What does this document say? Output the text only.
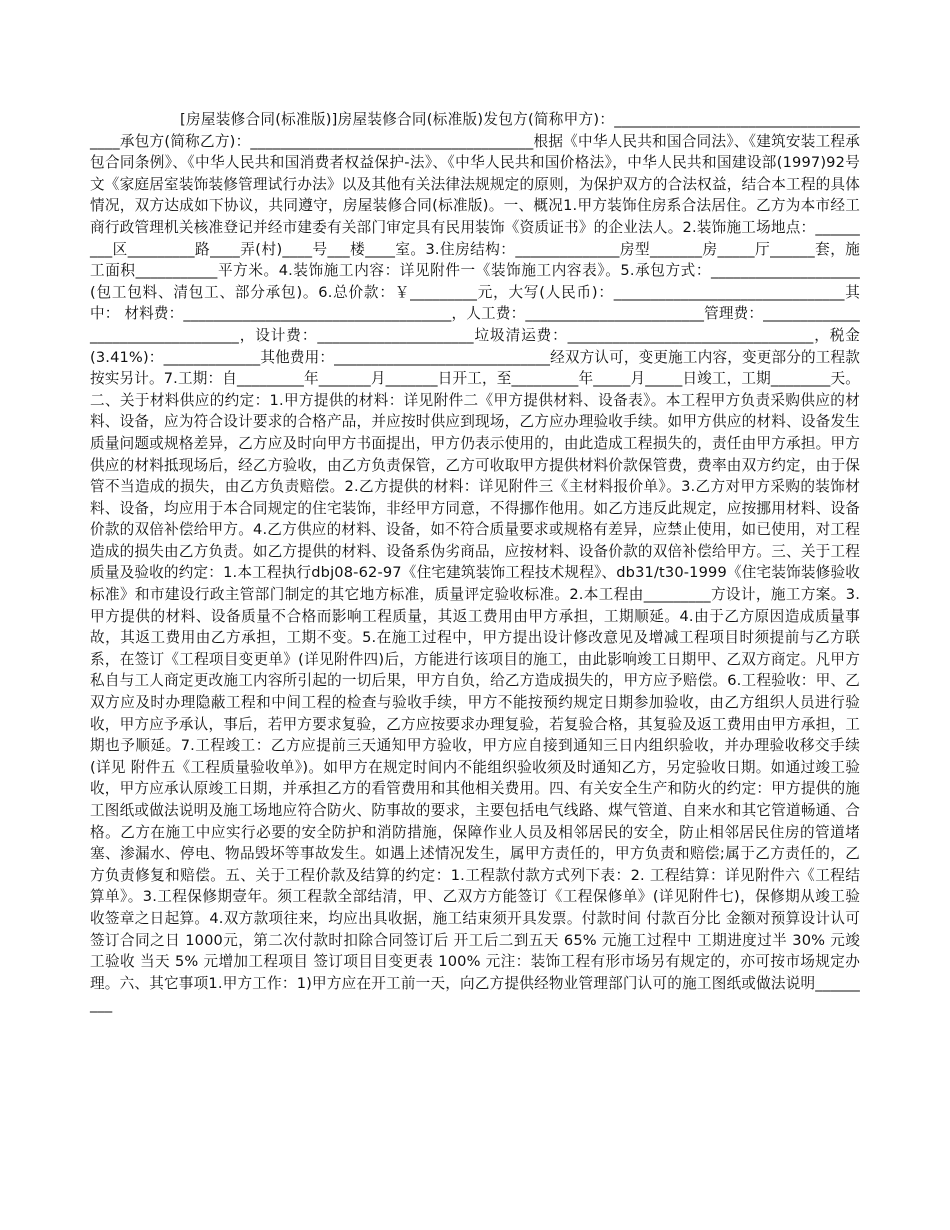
[房屋装修合同(标准版)]房屋装修合同(标准版)发包方(简称甲方)：_____________________________________承包方(简称乙方)：______________________________________根据《中华人民共和国合同法》、《建筑安装工程承包合同条例》、《中华人民共和国消费者权益保护-法》、《中华人民共和国价格法》，中华人民共和国建设部(1997)92号文《家庭居室装饰装修管理试行办法》以及其他有关法律法规规定的原则，为保护双方的合法权益，结合本工程的具体情况，双方达成如下协议，共同遵守，房屋装修合同(标准版)。一、概况1.甲方装饰住房系合法居住。乙方为本市经工商行政管理机关核准登记并经市建委有关部门审定具有民用装饰《资质证书》的企业法人。2.装饰施工场地点：_________区_________路____弄(村)____号___楼____室。3.住房结构：______________房型_______房_____厅______套，施工面积___________平方米。4.装饰施工内容：详见附件一《装饰施工内容表》。5.承包方式：____________________(包工包料、清包工、部分承包)。6.总价款：￥_________元，大写(人民币)：_______________________________其中： 材料费：____________________________________，人工费：________________________管理费：_________________________________，设计费：_____________________垃圾清运费：_________________________________，税金(3.41%)：_____________其他费用：_____________________________经双方认可，变更施工内容，变更部分的工程款按实另计。7.工期：自_________年_______月_______日开工，至_________年_____月_____日竣工，工期________天。二、关于材料供应的约定：1.甲方提供的材料：详见附件二《甲方提供材料、设备表》。本工程甲方负责采购供应的材料、设备，应为符合设计要求的合格产品，并应按时供应到现场，乙方应办理验收手续。如甲方供应的材料、设备发生质量问题或规格差异，乙方应及时向甲方书面提出，甲方仍表示使用的，由此造成工程损失的，责任由甲方承担。甲方供应的材料抵现场后，经乙方验收，由乙方负责保管，乙方可收取甲方提供材料价款保管费，费率由双方约定，由于保管不当造成的损失，由乙方负责赔偿。2.乙方提供的材料：详见附件三《主材料报价单》。3.乙方对甲方采购的装饰材料、设备，均应用于本合同规定的住宅装饰，非经甲方同意，不得挪作他用。如乙方违反此规定，应按挪用材料、设备价款的双倍补偿给甲方。4.乙方供应的材料、设备，如不符合质量要求或规格有差异，应禁止使用，如已使用，对工程造成的损失由乙方负责。如乙方提供的材料、设备系伪劣商品，应按材料、设备价款的双倍补偿给甲方。三、关于工程质量及验收的约定：1.本工程执行dbj08-62-97《住宅建筑装饰工程技术规程》、db31/t30-1999《住宅装饰装修验收标准》和市建设行政主管部门制定的其它地方标准，质量评定验收标准。2.本工程由_________方设计，施工方案。3.甲方提供的材料、设备质量不合格而影响工程质量，其返工费用由甲方承担，工期顺延。4.由于乙方原因造成质量事故，其返工费用由乙方承担，工期不变。5.在施工过程中，甲方提出设计修改意见及增减工程项目时须提前与乙方联系，在签订《工程项目变更单》(详见附件四)后，方能进行该项目的施工，由此影响竣工日期甲、乙双方商定。凡甲方私自与工人商定更改施工内容所引起的一切后果，甲方自负，给乙方造成损失的，甲方应予赔偿。6.工程验收：甲、乙双方应及时办理隐蔽工程和中间工程的检查与验收手续，甲方不能按预约规定日期参加验收，由乙方组织人员进行验收，甲方应予承认，事后，若甲方要求复验，乙方应按要求办理复验，若复验合格，其复验及返工费用由甲方承担，工期也予顺延。7.工程竣工：乙方应提前三天通知甲方验收，甲方应自接到通知三日内组织验收，并办理验收移交手续(详见 附件五《工程质量验收单》)。如甲方在规定时间内不能组织验收须及时通知乙方，另定验收日期。如通过竣工验收，甲方应承认原竣工日期，并承担乙方的看管费用和其他相关费用。四、有关安全生产和防火的约定：甲方提供的施工图纸或做法说明及施工场地应符合防火、防事故的要求，主要包括电气线路、煤气管道、自来水和其它管道畅通、合格。乙方在施工中应实行必要的安全防护和消防措施，保障作业人员及相邻居民的安全，防止相邻居民住房的管道堵塞、渗漏水、停电、物品毁坏等事故发生。如遇上述情况发生，属甲方责任的，甲方负责和赔偿;属于乙方责任的，乙方负责修复和赔偿。五、关于工程价款及结算的约定：1.工程款付款方式列下表：2. 工程结算：详见附件六《工程结算单》。3.工程保修期壹年。须工程款全部结清，甲、乙双方方能签订《工程保修单》(详见附件七)，保修期从竣工验收签章之日起算。4.双方款项往来，均应出具收据，施工结束须开具发票。付款时间 付款百分比 金额对预算设计认可 签订合同之日 1000元，第二次付款时扣除合同签订后 开工后二到五天 65% 元施工过程中 工期进度过半 30% 元竣工验收 当天 5% 元增加工程项目 签订项目目变更表 100% 元注：装饰工程有形市场另有规定的，亦可按市场规定办理。六、其它事项1.甲方工作：1)甲方应在开工前一天，向乙方提供经物业管理部门认可的施工图纸或做法说明_________
